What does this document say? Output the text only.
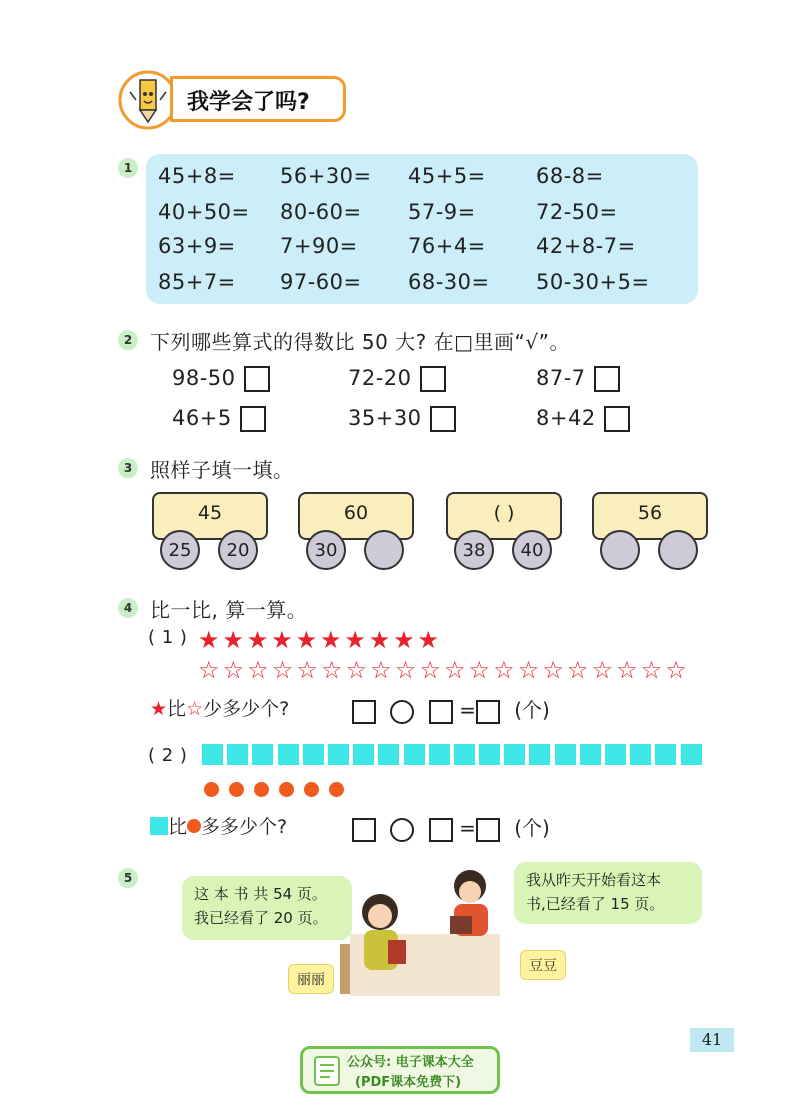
我学会了吗?
1 45+8= 56+30= 45+5= 68-8=
40+50= 80-60= 57-9=	72-50=
63+9= 7+90= 76+4= 42+8-7=
85+7= 97-60= 68-30= 50-30+5=
2 下列哪些算式的得数比 50 大? 在□里画“√”。
98-50	72-20	87-7
46+5	35+30	8+42
3 照样子填一填。
45
25	20
60
30
( )
38	40
56
4 比一比, 算一算。
( 1 ) ★★★★★★★★★★
☆ ☆ ☆ ☆ ☆ ☆ ☆ ☆ ☆ ☆ ☆ ☆ ☆ ☆ ☆ ☆ ☆ ☆ ☆ ☆
★比☆少多少个?	= (个)
( 2 )
比 多多少个?	= (个)
5
这 本 书 共 54 页。
我已经看了 20 页。
我从昨天开始看这本
书,已经看了 15 页。
丽丽
豆豆
41
公众号: 电子课本大全
(PDF课本免费下)
